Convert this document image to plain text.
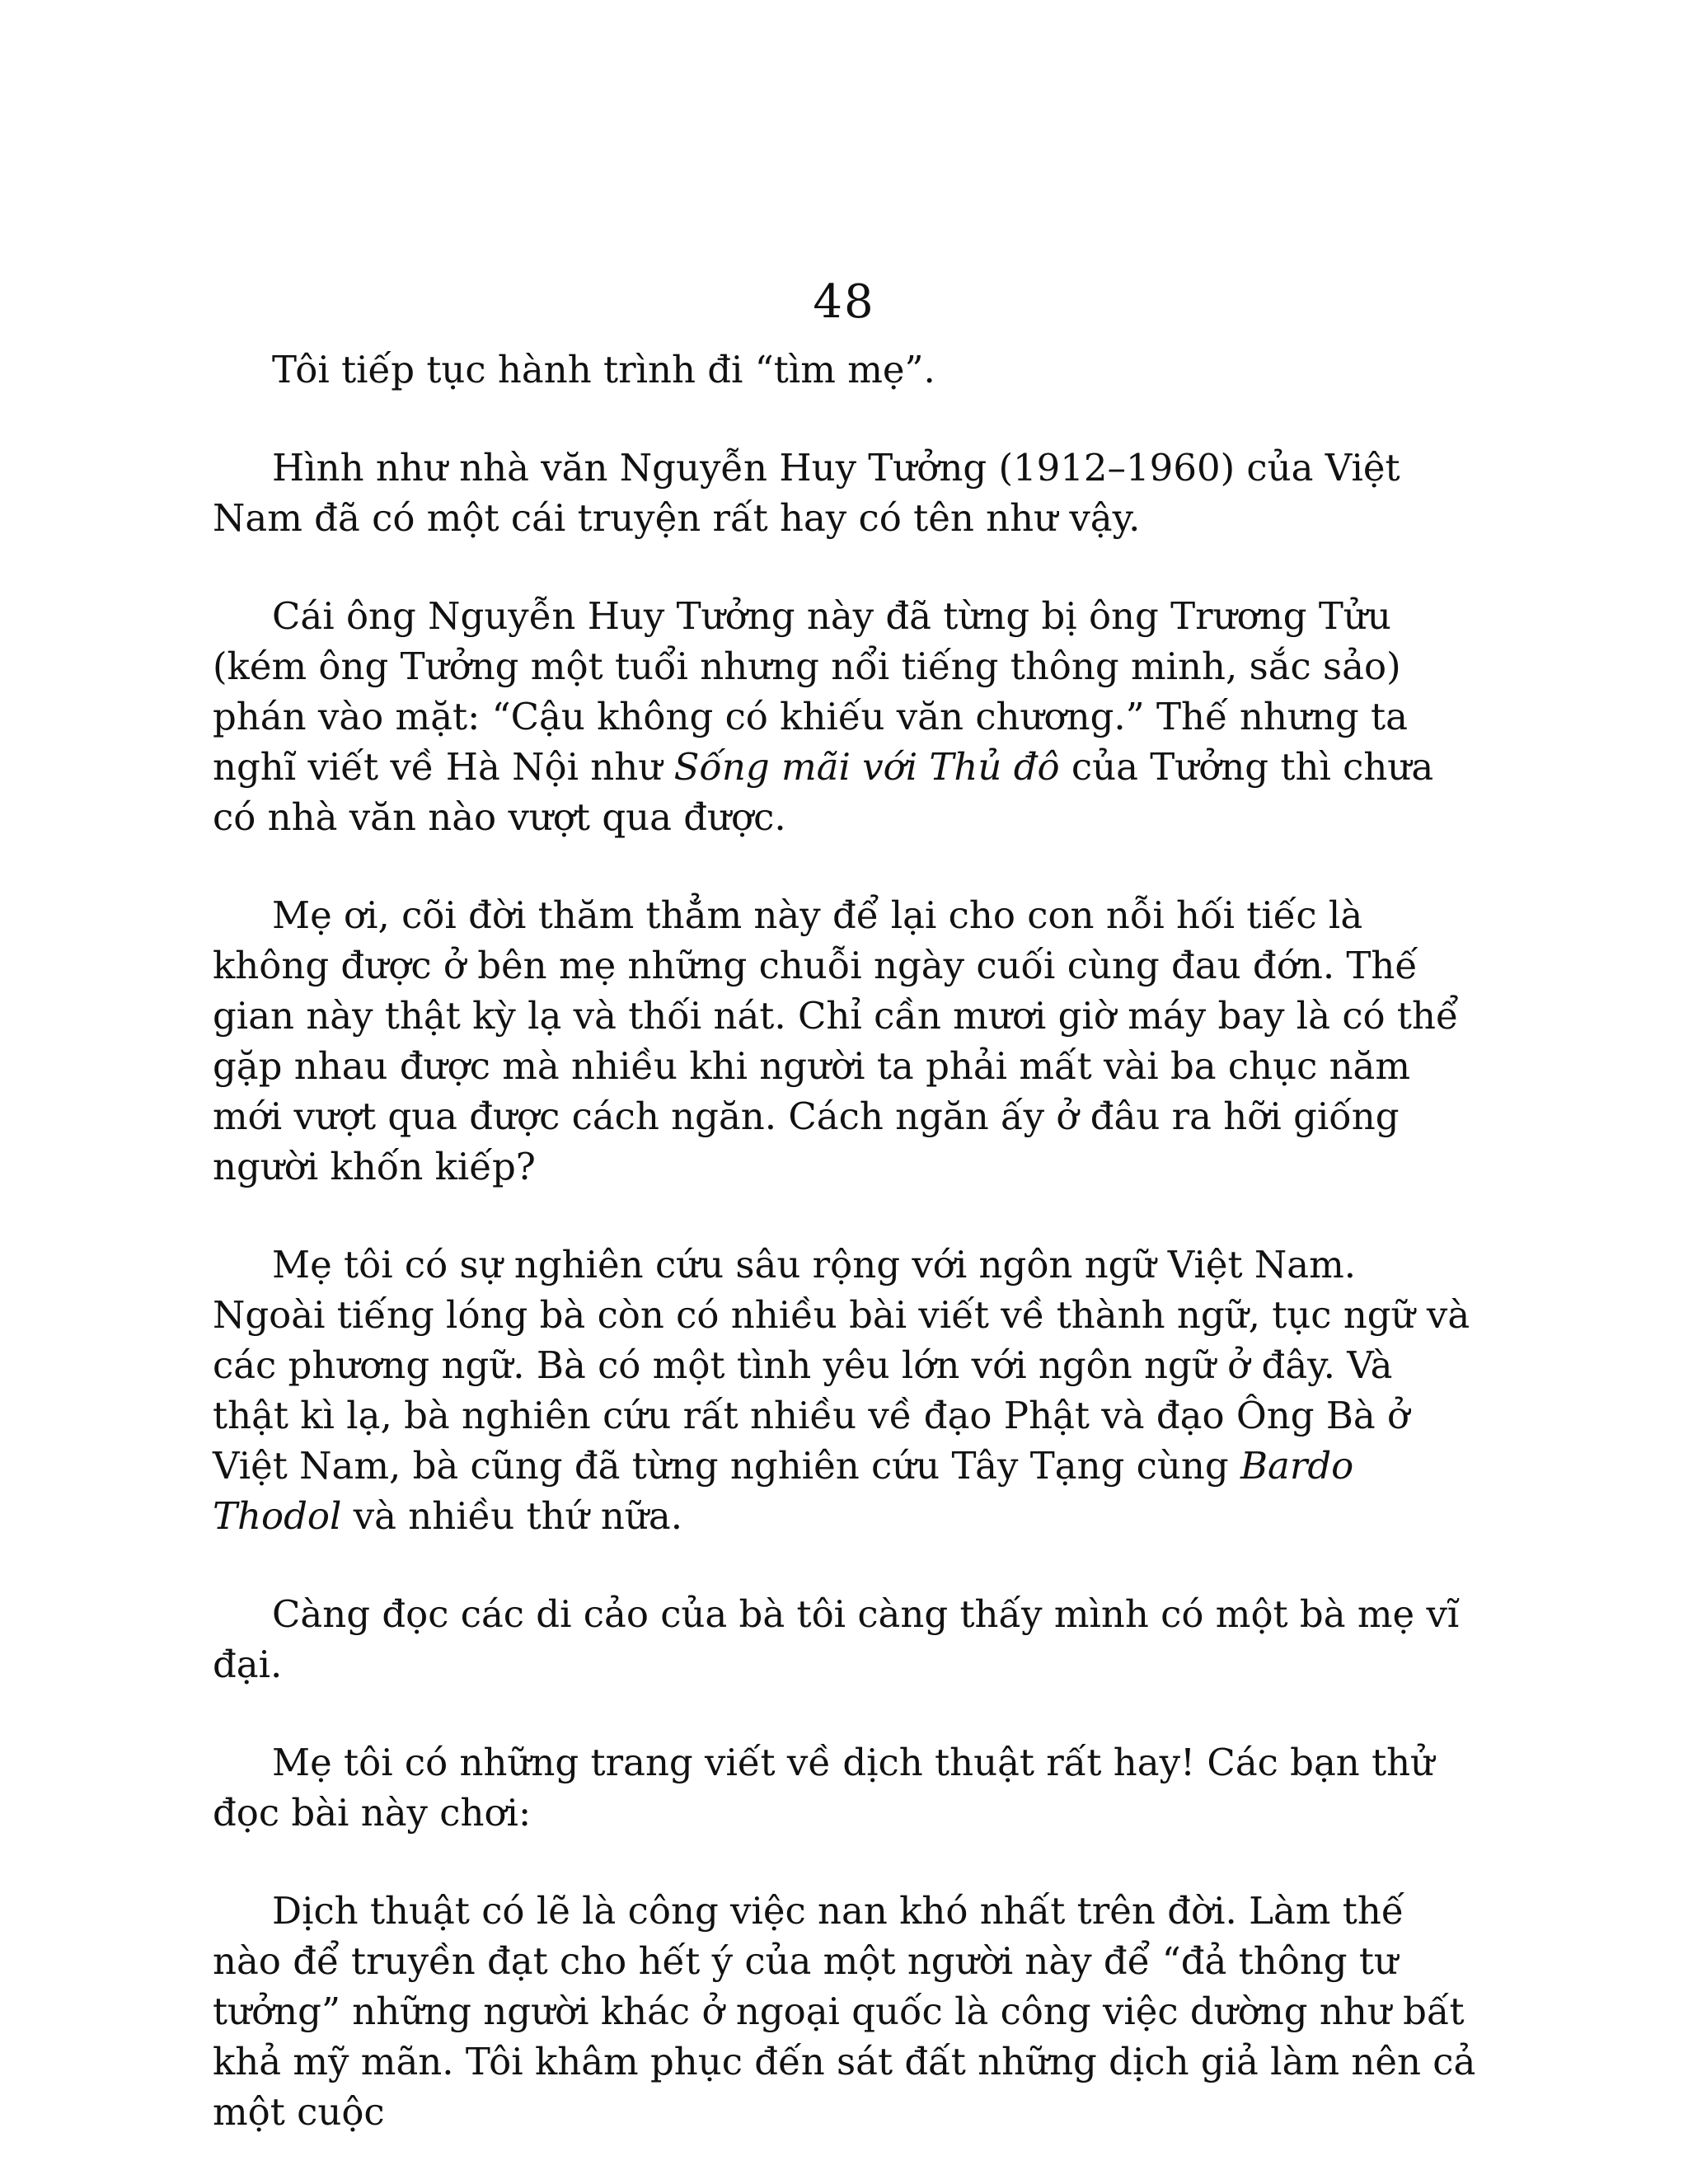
48

Tôi tiếp tục hành trình đi “tìm mẹ”.

Hình như nhà văn Nguyễn Huy Tưởng (1912–1960) của Việt Nam đã có một cái truyện rất hay có tên như vậy.

Cái ông Nguyễn Huy Tưởng này đã từng bị ông Trương Tửu (kém ông Tưởng một tuổi nhưng nổi tiếng thông minh, sắc sảo) phán vào mặt: “Cậu không có khiếu văn chương.” Thế nhưng ta nghĩ viết về Hà Nội như Sống mãi với Thủ đô của Tưởng thì chưa có nhà văn nào vượt qua được.

Mẹ ơi, cõi đời thăm thẳm này để lại cho con nỗi hối tiếc là không được ở bên mẹ những chuỗi ngày cuối cùng đau đớn. Thế gian này thật kỳ lạ và thối nát. Chỉ cần mươi giờ máy bay là có thể gặp nhau được mà nhiều khi người ta phải mất vài ba chục năm mới vượt qua được cách ngăn. Cách ngăn ấy ở đâu ra hỡi giống người khốn kiếp?

Mẹ tôi có sự nghiên cứu sâu rộng với ngôn ngữ Việt Nam. Ngoài tiếng lóng bà còn có nhiều bài viết về thành ngữ, tục ngữ và các phương ngữ. Bà có một tình yêu lớn với ngôn ngữ ở đây. Và thật kì lạ, bà nghiên cứu rất nhiều về đạo Phật và đạo Ông Bà ở Việt Nam, bà cũng đã từng nghiên cứu Tây Tạng cùng Bardo Thodol và nhiều thứ nữa.

Càng đọc các di cảo của bà tôi càng thấy mình có một bà mẹ vĩ đại.

Mẹ tôi có những trang viết về dịch thuật rất hay! Các bạn thử đọc bài này chơi:

Dịch thuật có lẽ là công việc nan khó nhất trên đời. Làm thế nào để truyền đạt cho hết ý của một người này để “đả thông tư tưởng” những người khác ở ngoại quốc là công việc dường như bất khả mỹ mãn. Tôi khâm phục đến sát đất những dịch giả làm nên cả một cuộc
